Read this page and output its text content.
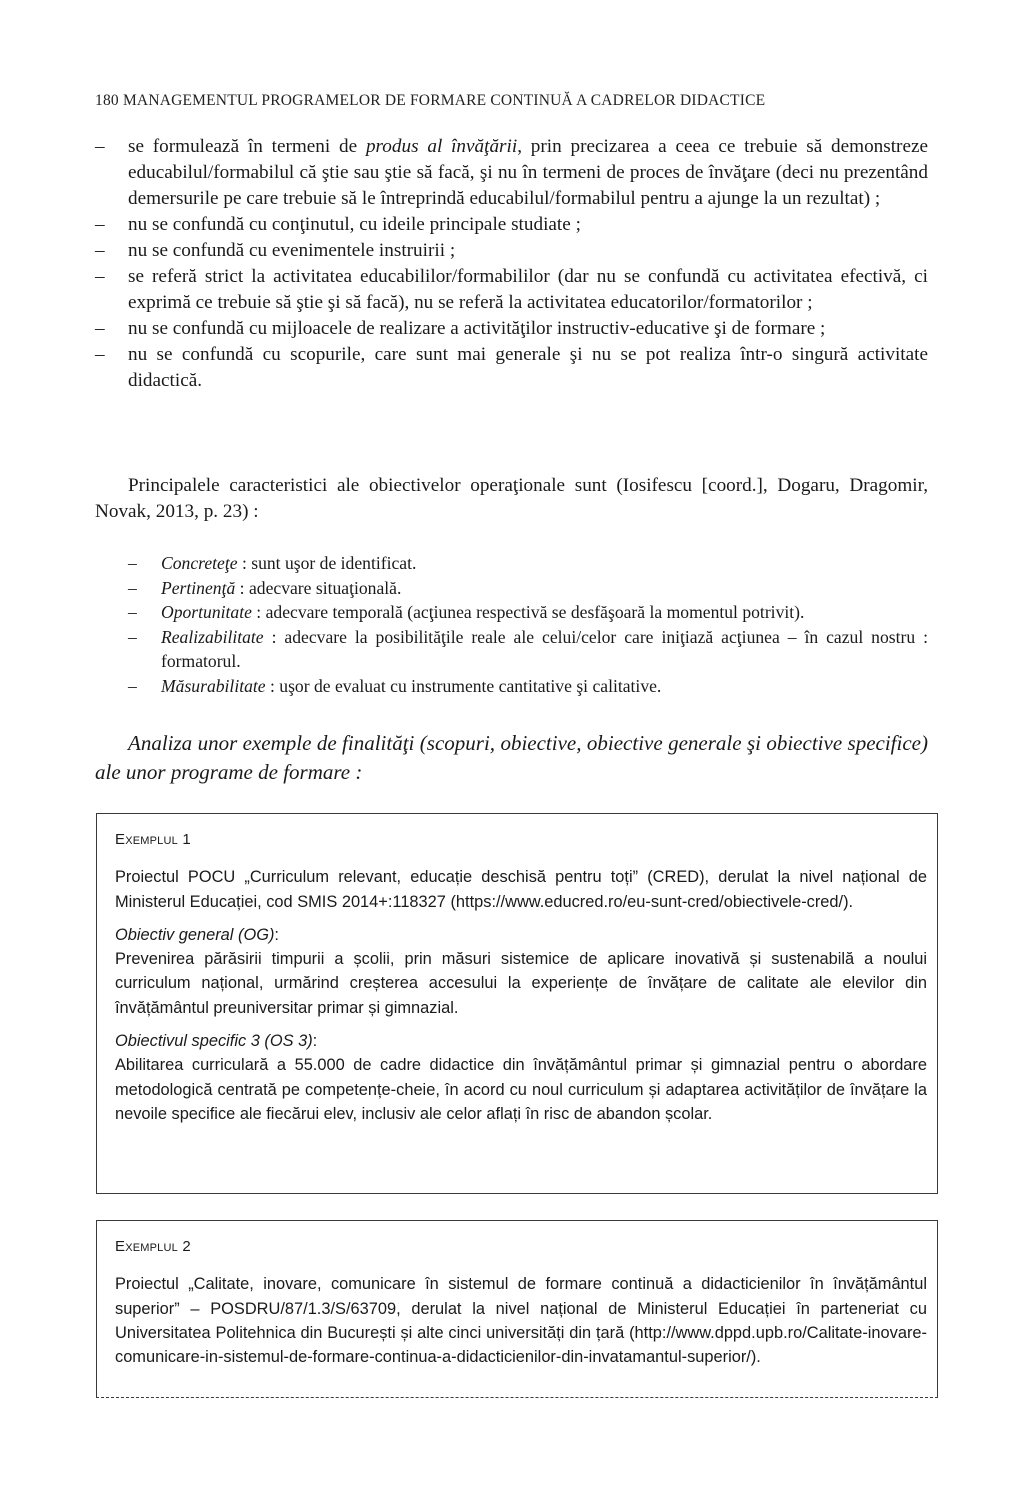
180 MANAGEMENTUL PROGRAMELOR DE FORMARE CONTINUĂ A CADRELOR DIDACTICE
– se formulează în termeni de produs al învăţării, prin precizarea a ceea ce trebuie să demonstreze educabilul/formabilul că ştie sau ştie să facă, şi nu în termeni de proces de învăţare (deci nu prezentând demersurile pe care trebuie să le întreprindă educabilul/formabilul pentru a ajunge la un rezultat) ;
– nu se confundă cu conţinutul, cu ideile principale studiate ;
– nu se confundă cu evenimentele instruirii ;
– se referă strict la activitatea educabililor/formabililor (dar nu se confundă cu activitatea efectivă, ci exprimă ce trebuie să ştie şi să facă), nu se referă la activitatea educatorilor/formatorilor ;
– nu se confundă cu mijloacele de realizare a activităţilor instructiv-educative şi de formare ;
– nu se confundă cu scopurile, care sunt mai generale şi nu se pot realiza într-o singură activitate didactică.

Principalele caracteristici ale obiectivelor operaţionale sunt (Iosifescu [coord.], Dogaru, Dragomir, Novak, 2013, p. 23) :

– Concreteţe : sunt uşor de identificat.
– Pertinenţă : adecvare situaţională.
– Oportunitate : adecvare temporală (acţiunea respectivă se desfăşoară la momentul potrivit).
– Realizabilitate : adecvare la posibilităţile reale ale celui/celor care iniţiază acţiunea – în cazul nostru : formatorul.
– Măsurabilitate : uşor de evaluat cu instrumente cantitative şi calitative.

Analiza unor exemple de finalităţi (scopuri, obiective, obiective generale şi obiective specifice) ale unor programe de formare :

Exemplul 1

Proiectul POCU „Curriculum relevant, educație deschisă pentru toți” (CRED), derulat la nivel național de Ministerul Educației, cod SMIS 2014+:118327 (https://www.educred.ro/eu-sunt-cred/obiectivele-cred/).

Obiectiv general (OG):

Prevenirea părăsirii timpurii a școlii, prin măsuri sistemice de aplicare inovativă și sustenabilă a noului curriculum național, urmărind creșterea accesului la experiențe de învățare de calitate ale elevilor din învățământul preuniversitar primar și gimnazial.

Obiectivul specific 3 (OS 3):

Abilitarea curriculară a 55.000 de cadre didactice din învățământul primar și gimnazial pentru o abordare metodologică centrată pe competențe-cheie, în acord cu noul curriculum și adaptarea activităților de învățare la nevoile specifice ale fiecărui elev, inclusiv ale celor aflați în risc de abandon școlar.

Exemplul 2

Proiectul „Calitate, inovare, comunicare în sistemul de formare continuă a didacticienilor în învățământul superior” – POSDRU/87/1.3/S/63709, derulat la nivel național de Ministerul Educației în parteneriat cu Universitatea Politehnica din București și alte cinci universități din țară (http://www.dppd.upb.ro/Calitate-inovare-comunicare-in-sistemul-de-formare-continua-a-didacticienilor-din-invatamantul-superior/).
